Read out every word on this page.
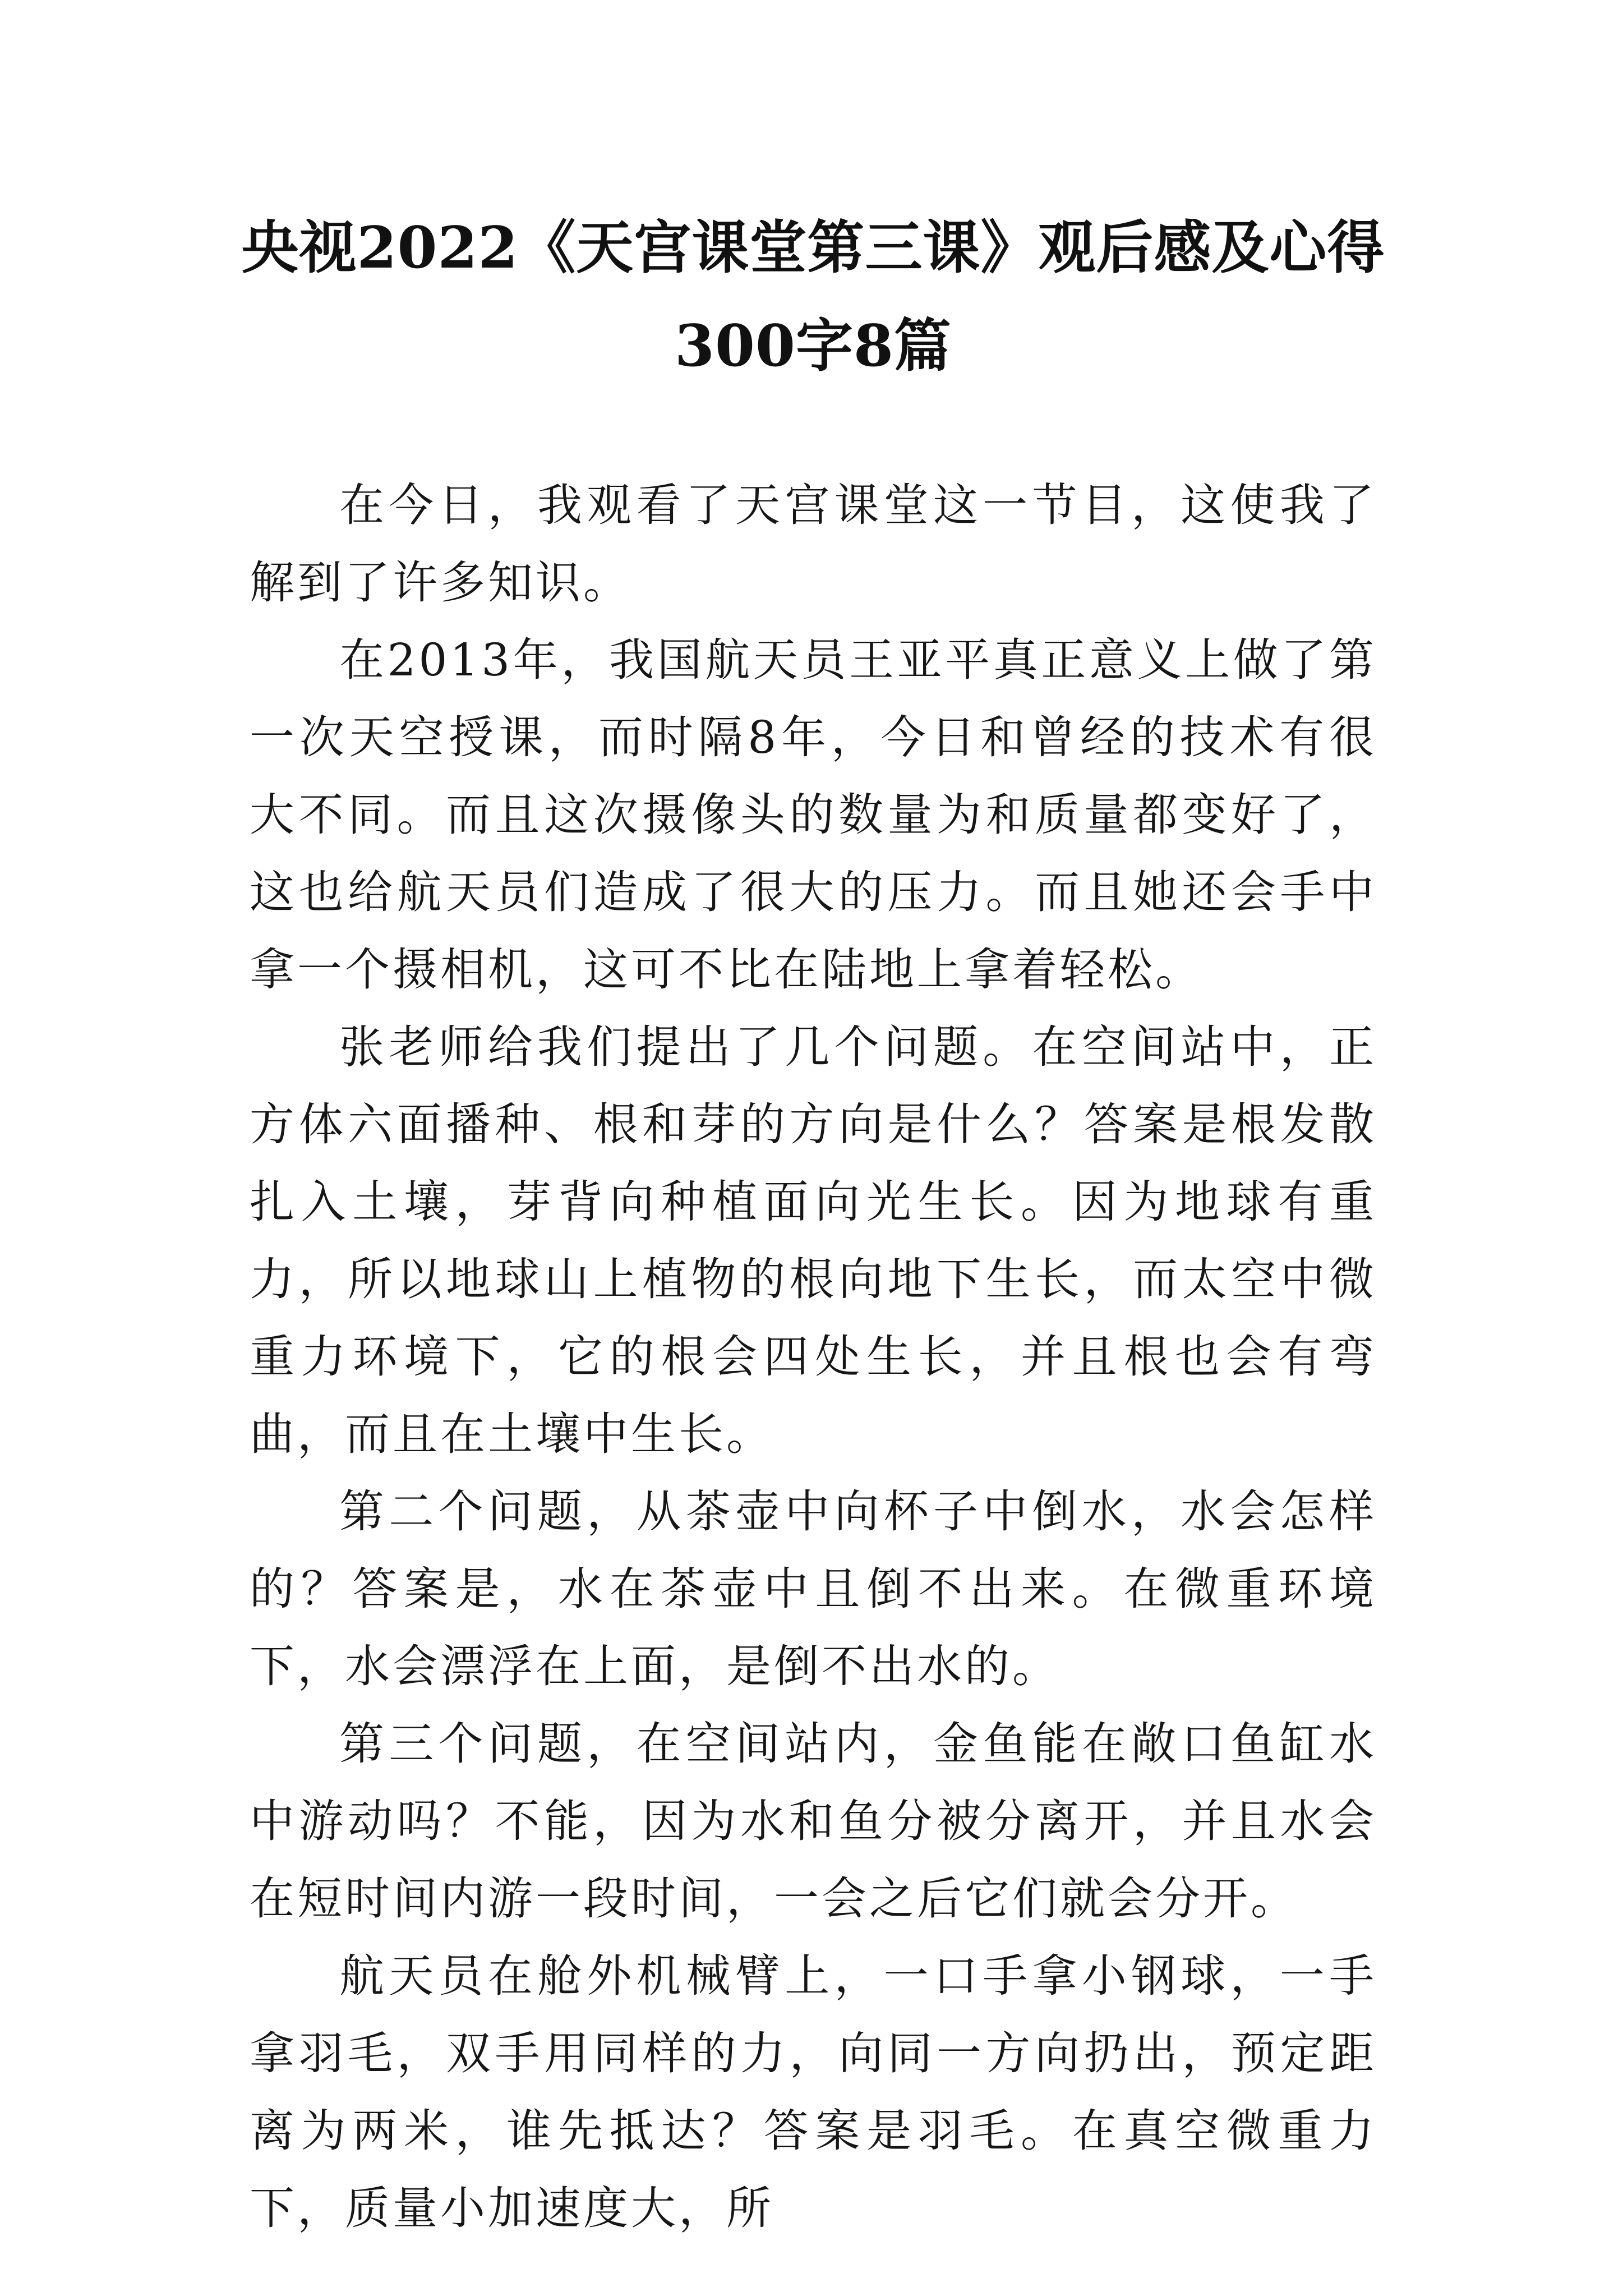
央视2022《天宫课堂第三课》观后感及心得300字8篇

在今日，我观看了天宫课堂这一节目，这使我了解到了许多知识。

在2013年，我国航天员王亚平真正意义上做了第一次天空授课，而时隔8年，今日和曾经的技术有很大不同。而且这次摄像头的数量为和质量都变好了，这也给航天员们造成了很大的压力。而且她还会手中拿一个摄相机，这可不比在陆地上拿着轻松。

张老师给我们提出了几个问题。在空间站中，正方体六面播种、根和芽的方向是什么？答案是根发散扎入土壤，芽背向种植面向光生长。因为地球有重力，所以地球山上植物的根向地下生长，而太空中微重力环境下，它的根会四处生长，并且根也会有弯曲，而且在土壤中生长。

第二个问题，从茶壶中向杯子中倒水，水会怎样的？答案是，水在茶壶中且倒不出来。在微重环境下，水会漂浮在上面，是倒不出水的。

第三个问题，在空间站内，金鱼能在敞口鱼缸水中游动吗？不能，因为水和鱼分被分离开，并且水会在短时间内游一段时间，一会之后它们就会分开。

航天员在舱外机械臂上，一口手拿小钢球，一手拿羽毛，双手用同样的力，向同一方向扔出，预定距离为两米，谁先抵达？答案是羽毛。在真空微重力下，质量小加速度大，所
